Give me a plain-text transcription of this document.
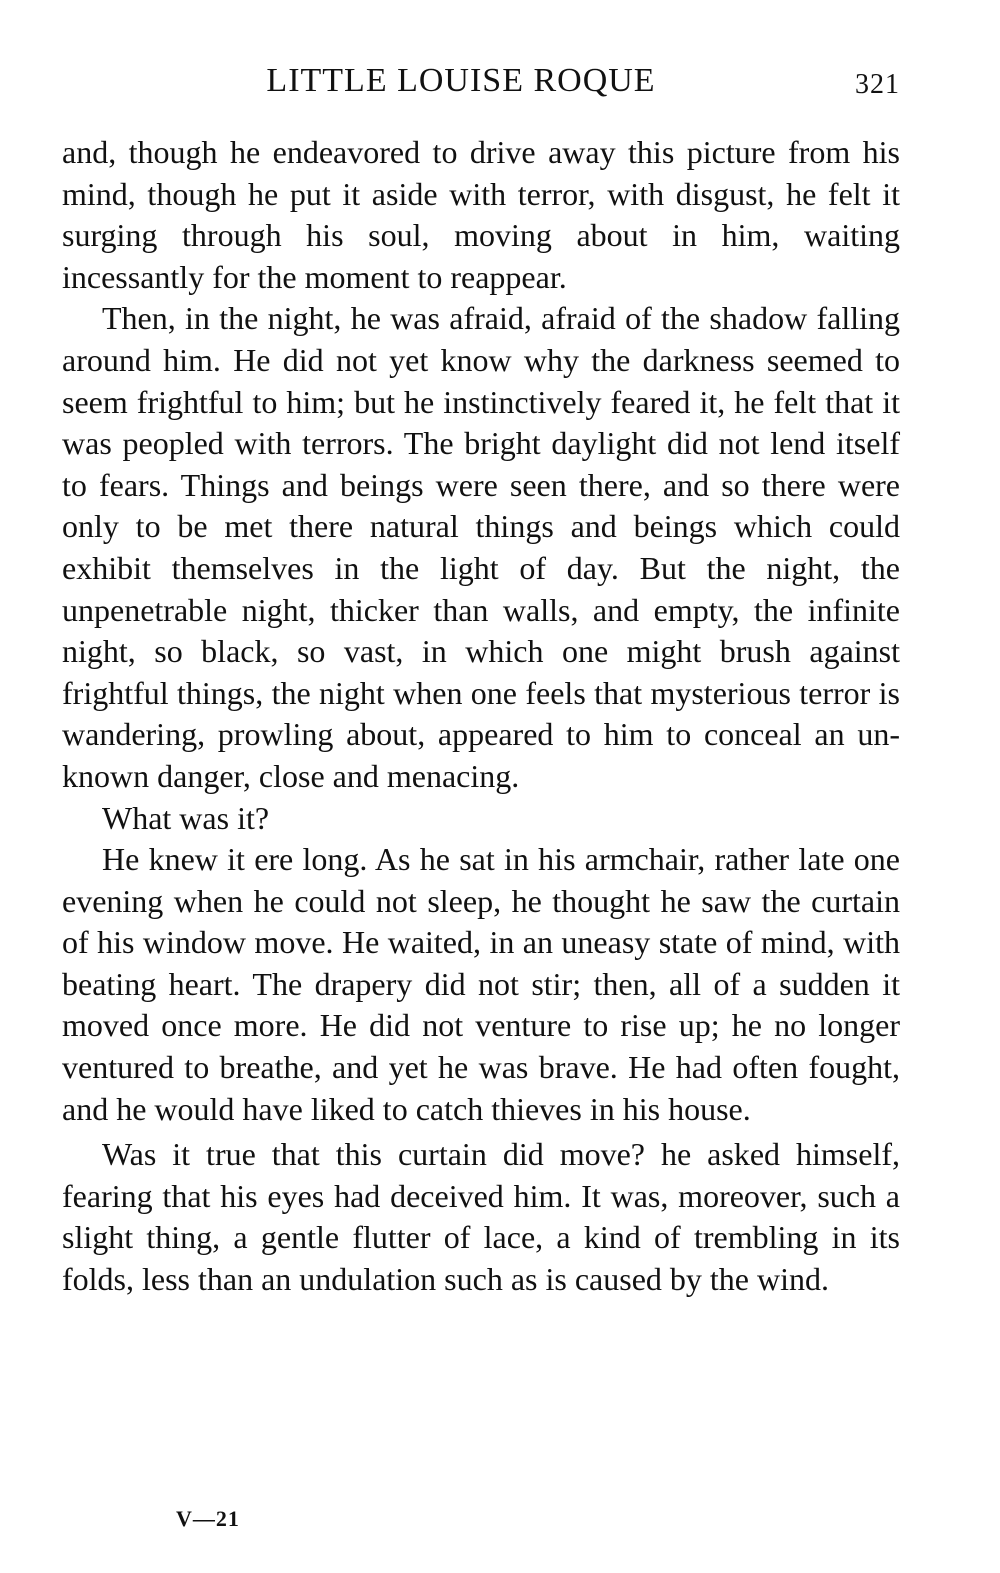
LITTLE LOUISE ROQUE	321

and, though he endeavored to drive away this picture from his mind, though he put it aside with terror, with disgust, he felt it surging through his soul, moving about in him, waiting incessantly for the moment to reappear.

Then, in the night, he was afraid, afraid of the shadow falling around him. He did not yet know why the darkness seemed to seem frightful to him; but he instinctively feared it, he felt that it was peopled with terrors. The bright daylight did not lend itself to fears. Things and beings were seen there, and so there were only to be met there natural things and beings which could exhibit themselves in the light of day. But the night, the unpenetrable night, thicker than walls, and empty, the infinite night, so black, so vast, in which one might brush against frightful things, the night when one feels that mysterious terror is wandering, prowling about, appeared to him to conceal an unknown danger, close and menacing.

What was it?

He knew it ere long. As he sat in his armchair, rather late one evening when he could not sleep, he thought he saw the curtain of his window move. He waited, in an uneasy state of mind, with beating heart. The drapery did not stir; then, all of a sudden it moved once more. He did not venture to rise up; he no longer ventured to breathe, and yet he was brave. He had often fought, and he would have liked to catch thieves in his house.

Was it true that this curtain did move? he asked himself, fearing that his eyes had deceived him. It was, moreover, such a slight thing, a gentle flutter of lace, a kind of trembling in its folds, less than an undulation such as is caused by the wind.

V—21
